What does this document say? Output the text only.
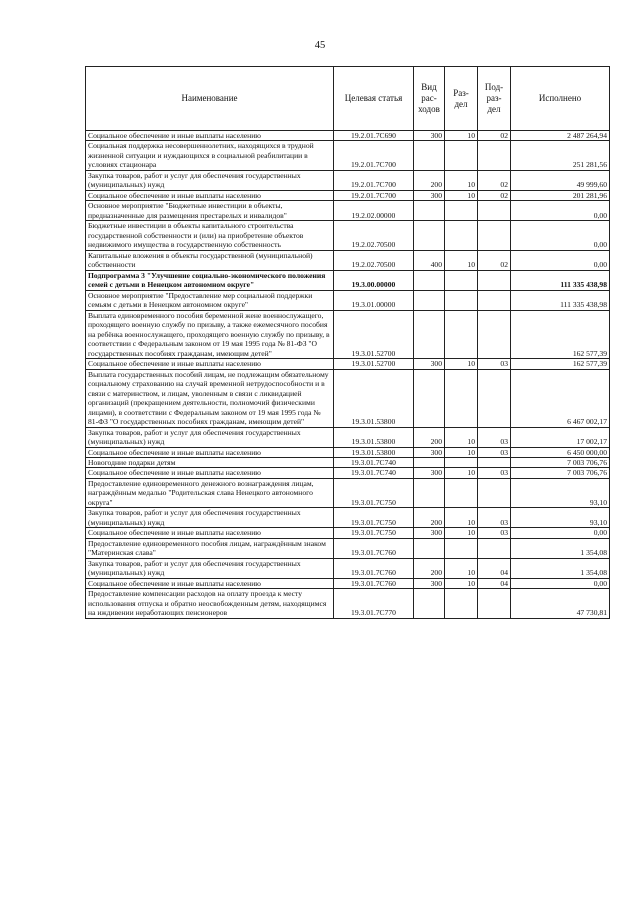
45
Наименование	Целевая статья	Вид рас- ходов	Раз- дел	Под- раз- дел	Исполнено
Социальное обеспечение и иные выплаты населению	19.2.01.7С690	300	10	02	2 487 264,94
Социальная поддержка несовершеннолетних, находящихся в трудной жизненной ситуации и нуждающихся в социальной реабилитации в условиях стационара	19.2.01.7С700				251 281,56
Закупка товаров, работ и услуг для обеспечения государственных (муниципальных) нужд	19.2.01.7С700	200	10	02	49 999,60
Социальное обеспечение и иные выплаты населению	19.2.01.7С700	300	10	02	201 281,96
Основное мероприятие "Бюджетные инвестиции в объекты, предназначенные для размещения престарелых и инвалидов"	19.2.02.00000				0,00
Бюджетные инвестиции в объекты капитального строительства государственной собственности и (или) на приобретение объектов недвижимого имущества в государственную собственность	19.2.02.70500				0,00
Капитальные вложения в объекты государственной (муниципальной) собственности	19.2.02.70500	400	10	02	0,00
Подпрограмма 3 "Улучшение социально-экономического положения семей с детьми в Ненецком автономном округе"	19.3.00.00000				111 335 438,98
Основное мероприятие "Предоставление мер социальной поддержки семьям с детьми в Ненецком автономном округе"	19.3.01.00000				111 335 438,98
Выплата единовременного пособия беременной жене военнослужащего, проходящего военную службу по призыву, а также ежемесячного пособия на ребёнка военнослужащего, проходящего военную службу по призыву, в соответствии с Федеральным законом от 19 мая 1995 года № 81-ФЗ "О государственных пособиях гражданам, имеющим детей"	19.3.01.52700				162 577,39
Социальное обеспечение и иные выплаты населению	19.3.01.52700	300	10	03	162 577,39
Выплата государственных пособий лицам, не подлежащим обязательному социальному страхованию на случай временной нетрудоспособности и в связи с материнством, и лицам, уволенным в связи с ликвидацией организаций (прекращением деятельности, полномочий физическими лицами), в соответствии с Федеральным законом от 19 мая 1995 года № 81-ФЗ "О государственных пособиях гражданам, имеющим детей"	19.3.01.53800				6 467 002,17
Закупка товаров, работ и услуг для обеспечения государственных (муниципальных) нужд	19.3.01.53800	200	10	03	17 002,17
Социальное обеспечение и иные выплаты населению	19.3.01.53800	300	10	03	6 450 000,00
Новогодние подарки детям	19.3.01.7С740				7 003 706,76
Социальное обеспечение и иные выплаты населению	19.3.01.7С740	300	10	03	7 003 706,76
Предоставление единовременного денежного вознаграждения лицам, награждённым медалью "Родительская слава Ненецкого автономного округа"	19.3.01.7С750				93,10
Закупка товаров, работ и услуг для обеспечения государственных (муниципальных) нужд	19.3.01.7С750	200	10	03	93,10
Социальное обеспечение и иные выплаты населению	19.3.01.7С750	300	10	03	0,00
Предоставление единовременного пособия лицам, награждённым знаком "Материнская слава"	19.3.01.7С760				1 354,08
Закупка товаров, работ и услуг для обеспечения государственных (муниципальных) нужд	19.3.01.7С760	200	10	04	1 354,08
Социальное обеспечение и иные выплаты населению	19.3.01.7С760	300	10	04	0,00
Предоставление компенсации расходов на оплату проезда к месту использования отпуска и обратно неосвобожденным детям, находящимся на иждивении неработающих пенсионеров	19.3.01.7С770				47 730,81
